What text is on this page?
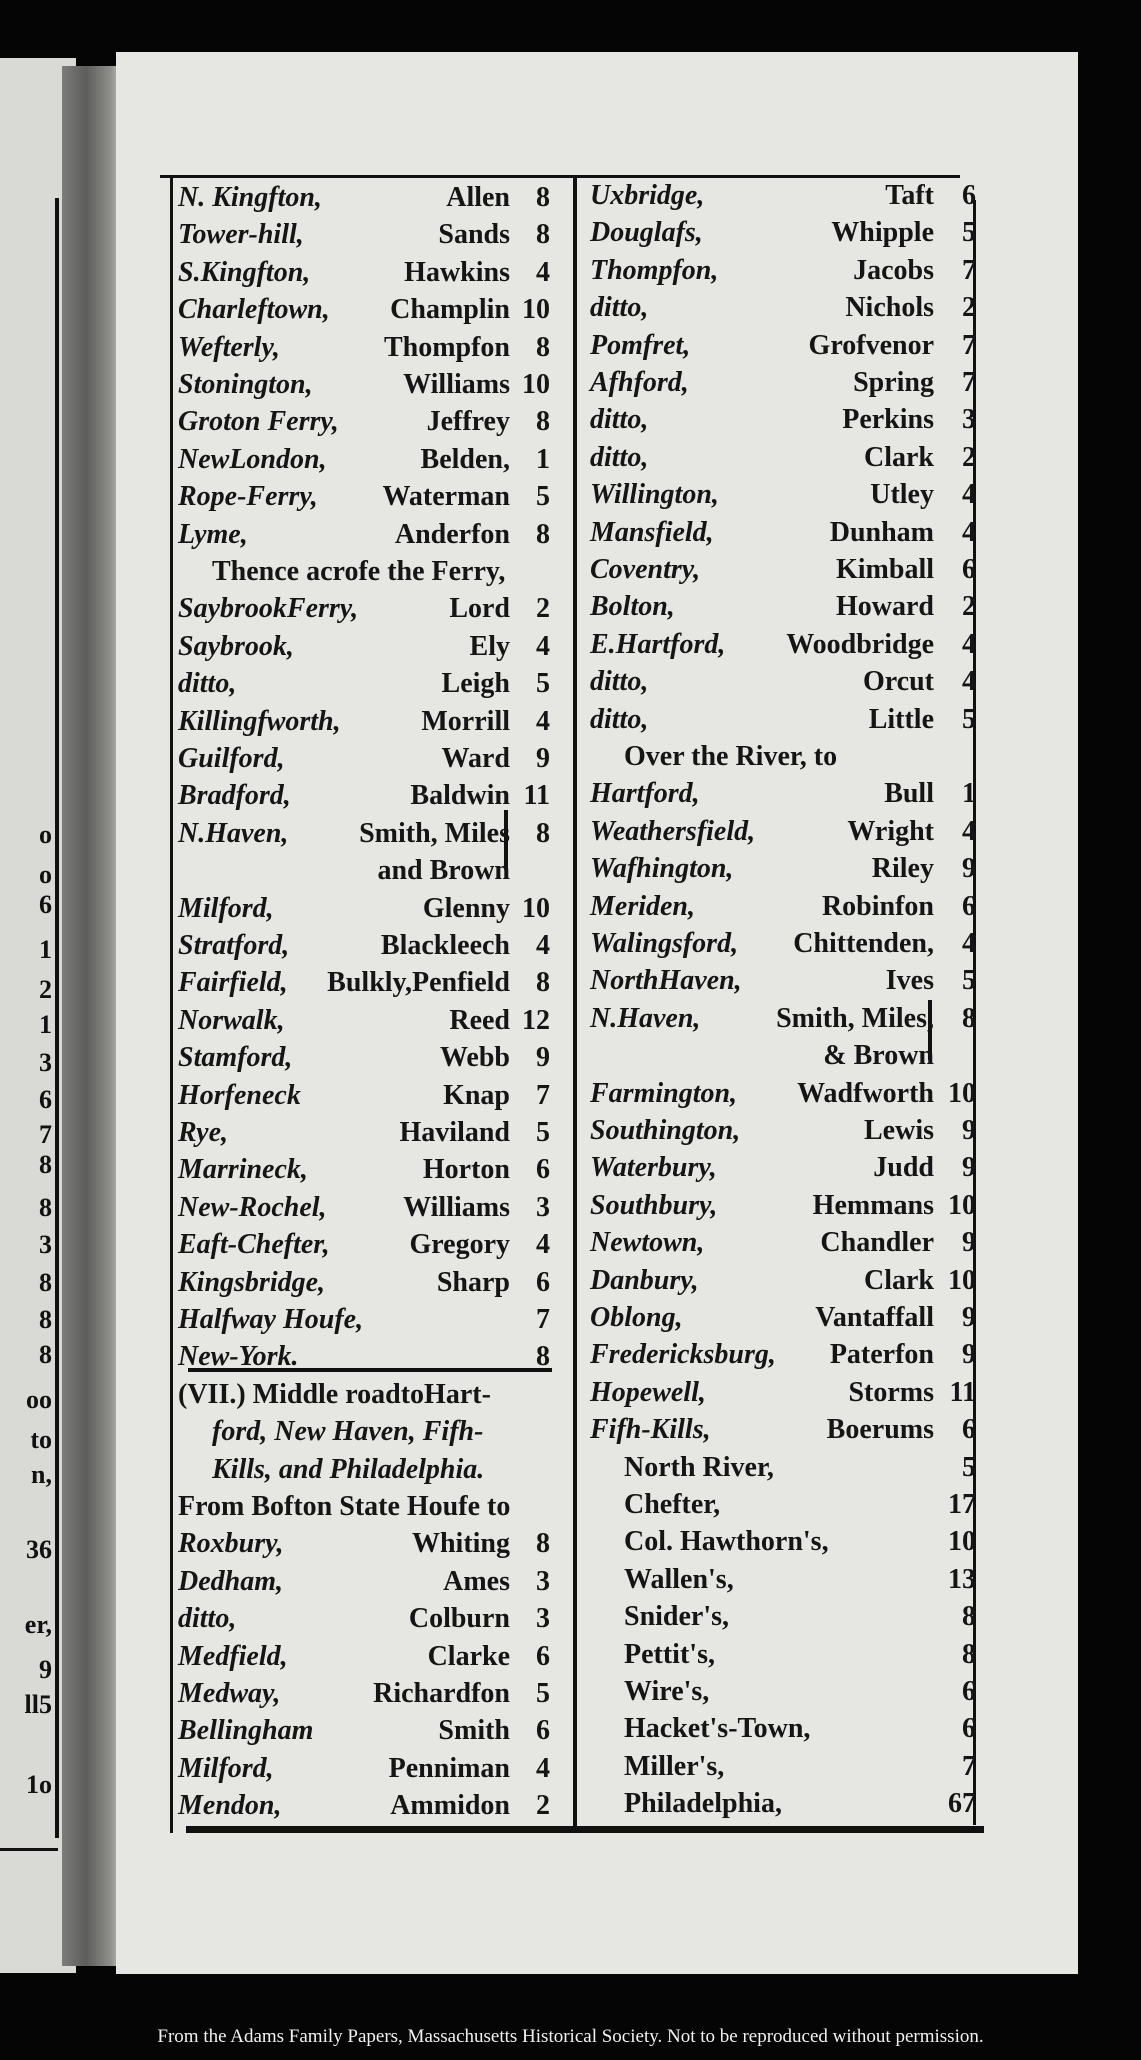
o
o
6
1
2
1
3
6
7
8
8
3
8
8
8
oo
to
n,
36
er,
9
ll5
1o
N. Kingfton,	Allen 8
Tower-hill,	Sands 8
S.Kingfton,	Hawkins 4
Charleftown, Champlin 10
Wefterly,	Thompfon 8
Stonington,	Williams 10
Groton Ferry,	Jeffrey 8
NewLondon,	Belden, 1
Rope-Ferry, Waterman 5
Lyme,	Anderfon 8
Thence acrofe the Ferry,
SaybrookFerry,	Lord 2
Saybrook,	Ely 4
ditto,	Leigh 5
Killingfworth,	Morrill 4
Guilford,	Ward 9
Bradford,	Baldwin 11
N.Haven,	Smith, Miles 8
and Brown
Milford,	Glenny 10
Stratford,	Blackleech 4
Fairfield, Bulkly,Penfield 8
Norwalk,	Reed 12
Stamford,	Webb 9
Horfeneck	Knap 7
Rye,	Haviland 5
Marrineck,	Horton 6
New-Rochel,	Williams 3
Eaft-Chefter,	Gregory 4
Kingsbridge,	Sharp 6
Halfway Houfe,	7
New-York.	8
(VII.) Middle roadtoHart-
ford, New Haven, Fifh-
Kills, and Philadelphia.
From Bofton State Houfe to
Roxbury,	Whiting 8
Dedham,	Ames 3
ditto,	Colburn 3
Medfield,	Clarke 6
Medway,	Richardfon 5
Bellingham	Smith 6
Milford,	Penniman 4
Mendon,	Ammidon 2
Uxbridge,	Taft	6
Douglafs,	Whipple	5
Thompfon,	Jacobs	7
ditto,	Nichols	2
Pomfret,	Grofvenor	7
Afhford,	Spring	7
ditto,	Perkins	3
ditto,	Clark	2
Willington,	Utley	4
Mansfield,	Dunham	4
Coventry,	Kimball	6
Bolton,	Howard	2
E.Hartford, Woodbridge	4
ditto,	Orcut	4
ditto,	Little	5
Over the River, to
Hartford,	Bull	1
Weathersfield,	Wright	4
Wafhington,	Riley	9
Meriden,	Robinfon	6
Walingsford, Chittenden,	4
NorthHaven,	Ives	5
N.Haven,	Smith, Miles,	8
& Brown
Farmington, Wadfworth 10
Southington,	Lewis	9
Waterbury,	Judd	9
Southbury,	Hemmans 10
Newtown,	Chandler	9
Danbury,	Clark 10
Oblong,	Vantaffall	9
Fredericksburg, Paterfon	9
Hopewell,	Storms 11
Fifh-Kills,	Boerums	6
North River,	5
Chefter,	17
Col. Hawthorn's,	10
Wallen's,	13
Snider's,	8
Pettit's,	8
Wire's,	6
Hacket's-Town,	6
Miller's,	7
Philadelphia,	67
From the Adams Family Papers, Massachusetts Historical Society. Not to be reproduced without permission.
